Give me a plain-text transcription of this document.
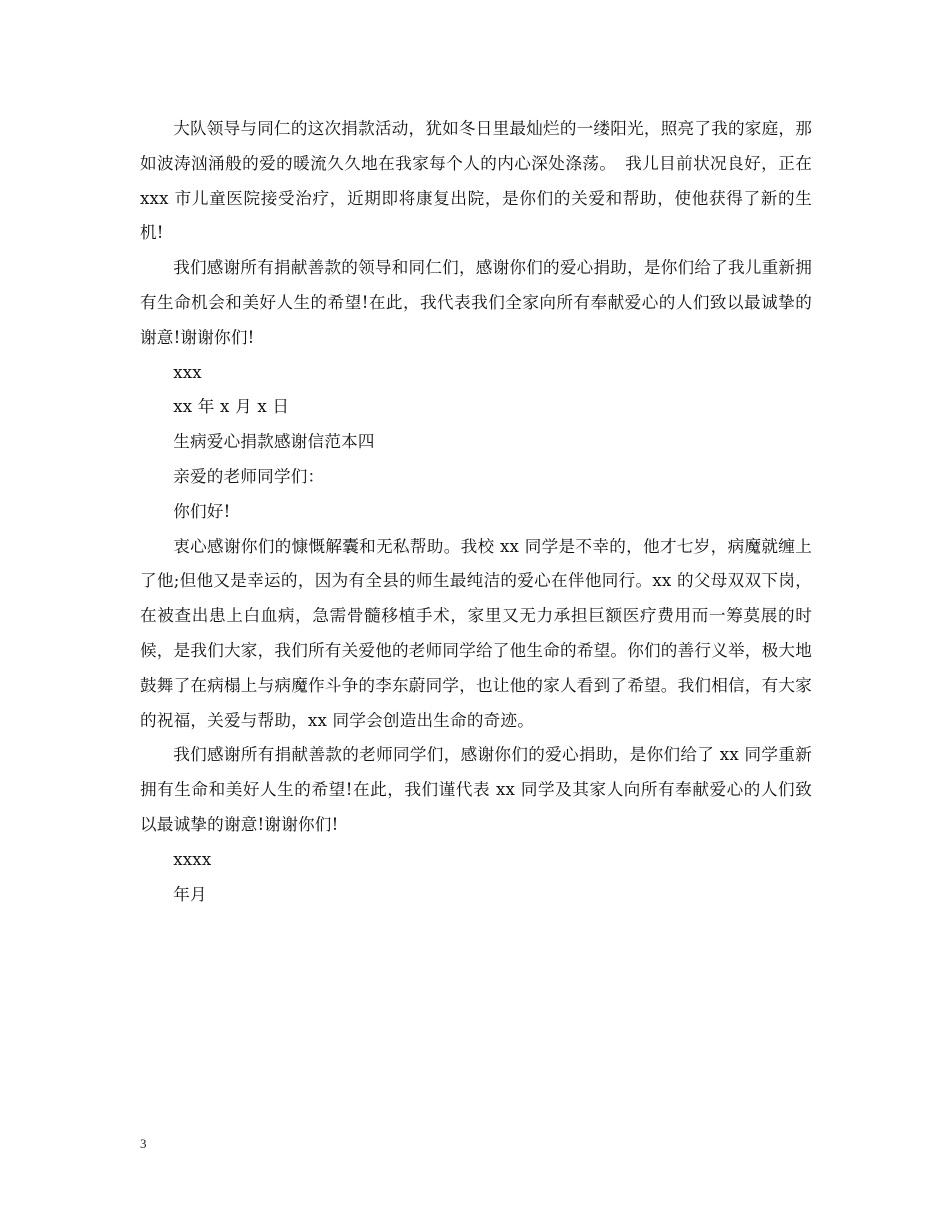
大队领导与同仁的这次捐款活动，犹如冬日里最灿烂的一缕阳光，照亮了我的家庭，那如波涛汹涌般的爱的暖流久久地在我家每个人的内心深处涤荡。　我儿目前状况良好，正在 xxx 市儿童医院接受治疗，近期即将康复出院，是你们的关爱和帮助，使他获得了新的生机!

我们感谢所有捐献善款的领导和同仁们，感谢你们的爱心捐助，是你们给了我儿重新拥有生命机会和美好人生的希望!在此，我代表我们全家向所有奉献爱心的人们致以最诚挚的谢意!谢谢你们!

xxx

xx 年 x 月 x 日

生病爱心捐款感谢信范本四

亲爱的老师同学们：

你们好!

衷心感谢你们的慷慨解囊和无私帮助。我校 xx 同学是不幸的，他才七岁，病魔就缠上了他;但他又是幸运的，因为有全县的师生最纯洁的爱心在伴他同行。xx 的父母双双下岗，在被查出患上白血病，急需骨髓移植手术，家里又无力承担巨额医疗费用而一筹莫展的时候，是我们大家，我们所有关爱他的老师同学给了他生命的希望。你们的善行义举，极大地鼓舞了在病榻上与病魔作斗争的李东蔚同学，也让他的家人看到了希望。我们相信，有大家的祝福，关爱与帮助，xx 同学会创造出生命的奇迹。

我们感谢所有捐献善款的老师同学们，感谢你们的爱心捐助，是你们给了 xx 同学重新拥有生命和美好人生的希望!在此，我们谨代表 xx 同学及其家人向所有奉献爱心的人们致以最诚挚的谢意!谢谢你们!

xxxx

年月

3
